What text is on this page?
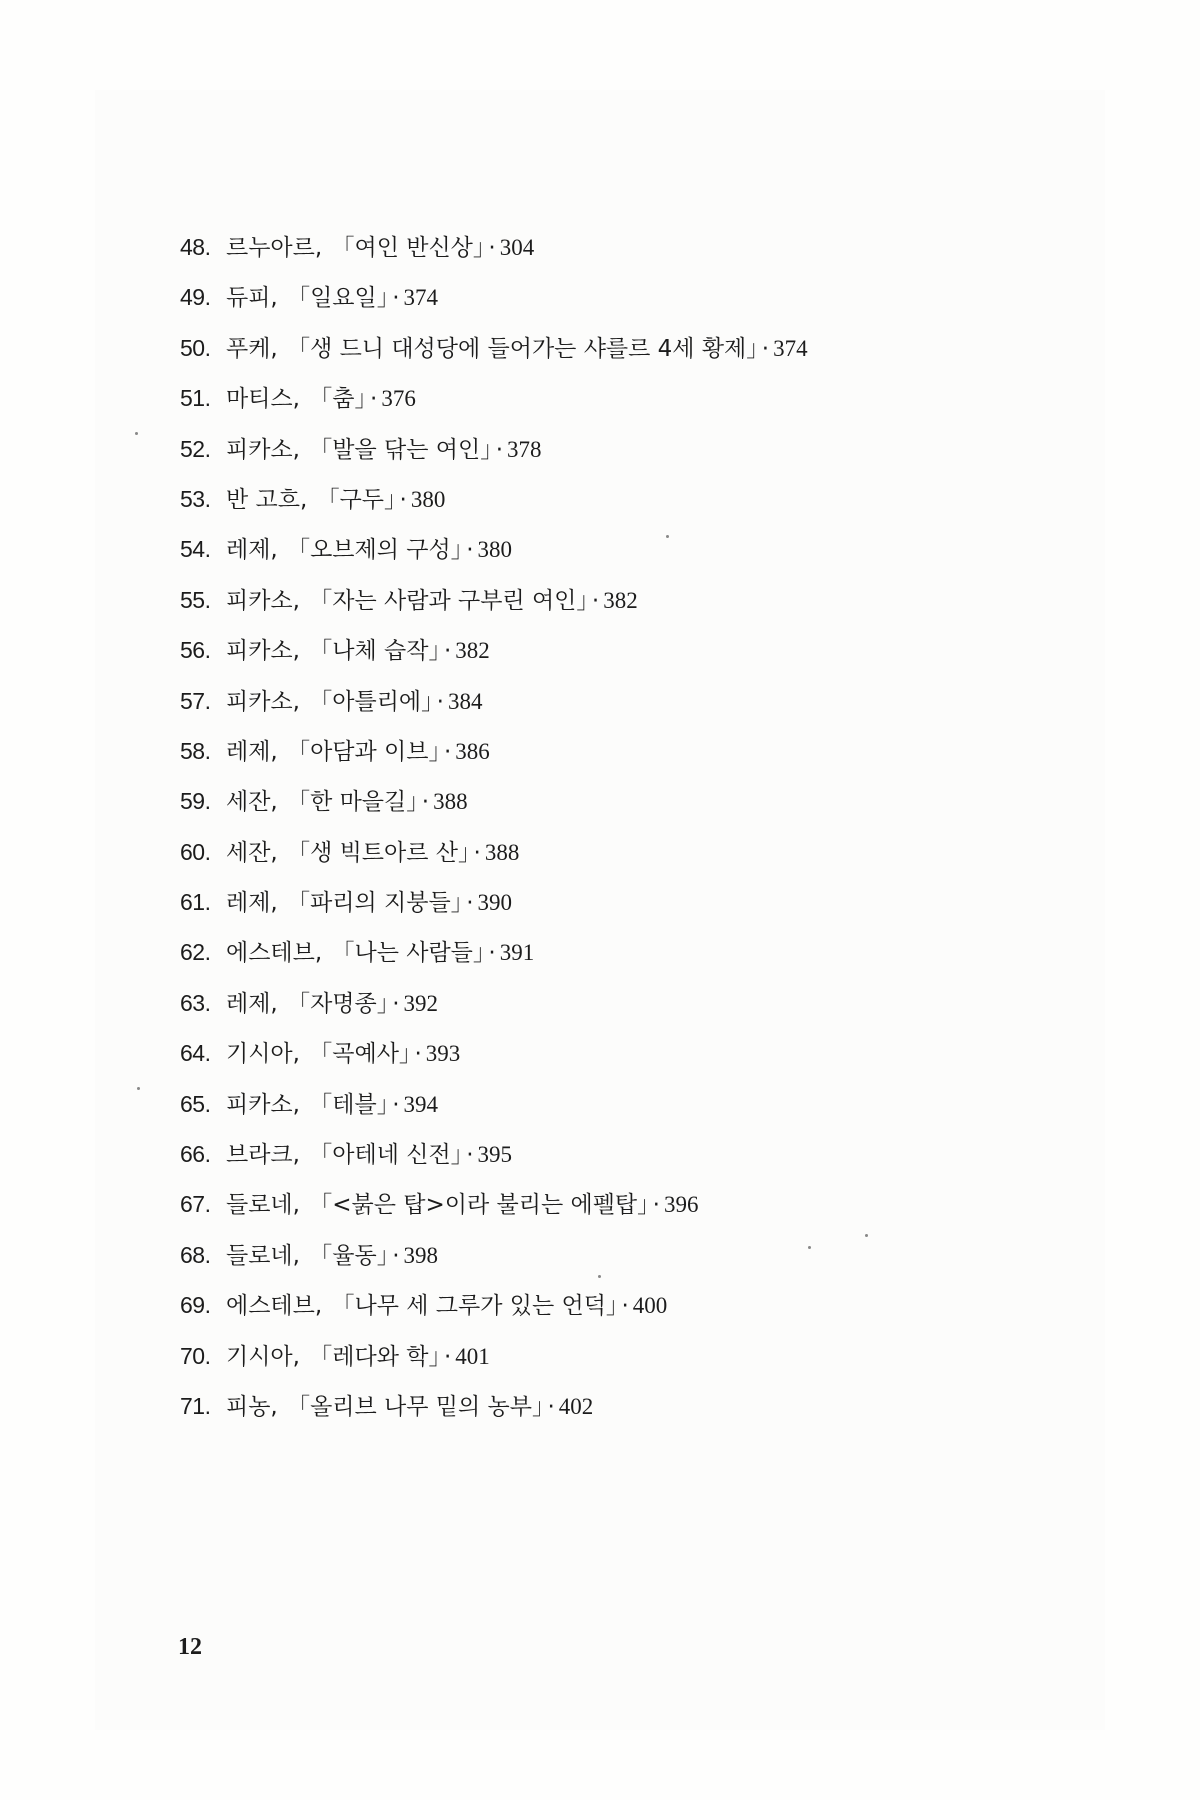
48. 르누아르, 「여인 반신상」 · 304
49. 듀피, 「일요일」 · 374
50. 푸케, 「생 드니 대성당에 들어가는 샤를르 4세 황제」 · 374
51. 마티스, 「춤」 · 376
52. 피카소, 「발을 닦는 여인」 · 378
53. 반 고흐, 「구두」 · 380
54. 레제, 「오브제의 구성」 · 380
55. 피카소, 「자는 사람과 구부린 여인」 · 382
56. 피카소, 「나체 습작」 · 382
57. 피카소, 「아틀리에」 · 384
58. 레제, 「아담과 이브」 · 386
59. 세잔, 「한 마을길」 · 388
60. 세잔, 「생 빅트아르 산」 · 388
61. 레제, 「파리의 지붕들」 · 390
62. 에스테브, 「나는 사람들」 · 391
63. 레제, 「자명종」 · 392
64. 기시아, 「곡예사」 · 393
65. 피카소, 「테블」 · 394
66. 브라크, 「아테네 신전」 · 395
67. 들로네, 「<붉은 탑>이라 불리는 에펠탑」 · 396
68. 들로네, 「율동」 · 398
69. 에스테브, 「나무 세 그루가 있는 언덕」 · 400
70. 기시아, 「레다와 학」 · 401
71. 피농, 「올리브 나무 밑의 농부」 · 402
12
